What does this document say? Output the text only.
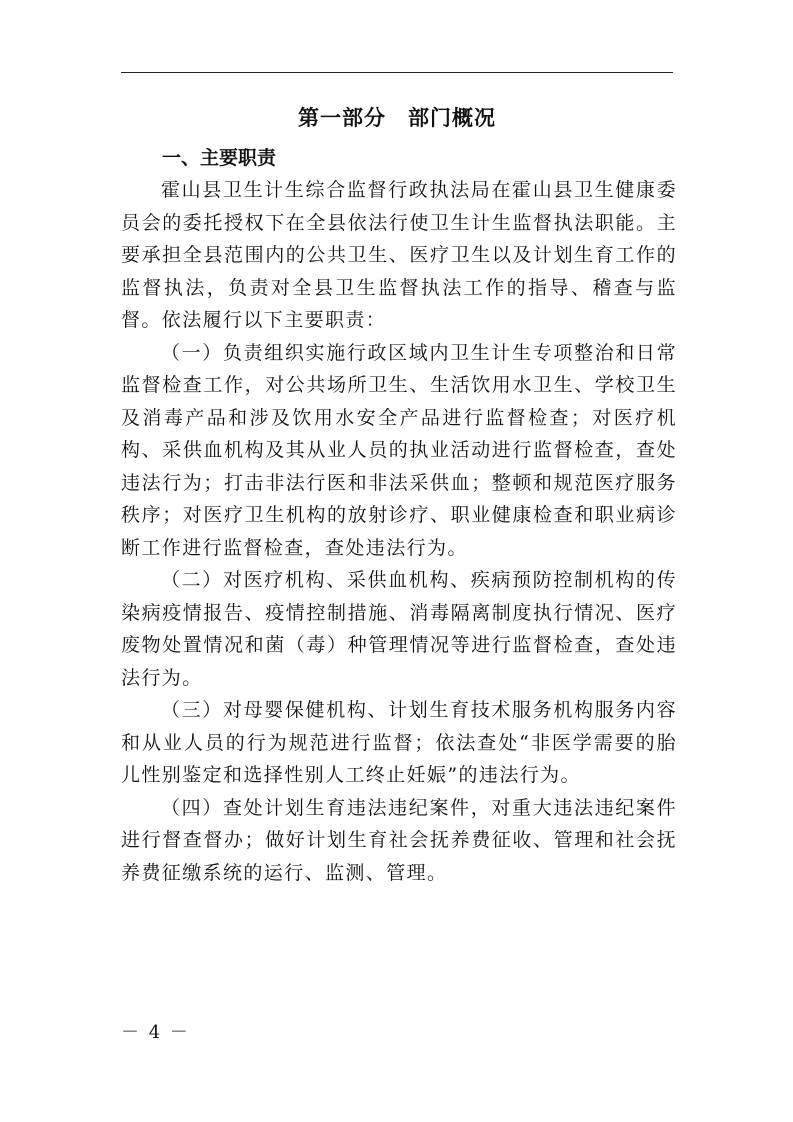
第一部分 部门概况
一、主要职责

霍山县卫生计生综合监督行政执法局在霍山县卫生健康委员会的委托授权下在全县依法行使卫生计生监督执法职能。主要承担全县范围内的公共卫生、医疗卫生以及计划生育工作的监督执法，负责对全县卫生监督执法工作的指导、稽查与监督。依法履行以下主要职责：

（一）负责组织实施行政区域内卫生计生专项整治和日常监督检查工作，对公共场所卫生、生活饮用水卫生、学校卫生及消毒产品和涉及饮用水安全产品进行监督检查；对医疗机构、采供血机构及其从业人员的执业活动进行监督检查，查处违法行为；打击非法行医和非法采供血；整顿和规范医疗服务秩序；对医疗卫生机构的放射诊疗、职业健康检查和职业病诊断工作进行监督检查，查处违法行为。

（二）对医疗机构、采供血机构、疾病预防控制机构的传染病疫情报告、疫情控制措施、消毒隔离制度执行情况、医疗废物处置情况和菌（毒）种管理情况等进行监督检查，查处违法行为。

（三）对母婴保健机构、计划生育技术服务机构服务内容和从业人员的行为规范进行监督；依法查处“非医学需要的胎儿性别鉴定和选择性别人工终止妊娠”的违法行为。

（四）查处计划生育违法违纪案件，对重大违法违纪案件进行督查督办；做好计划生育社会抚养费征收、管理和社会抚养费征缴系统的运行、监测、管理。

－ 4 －
